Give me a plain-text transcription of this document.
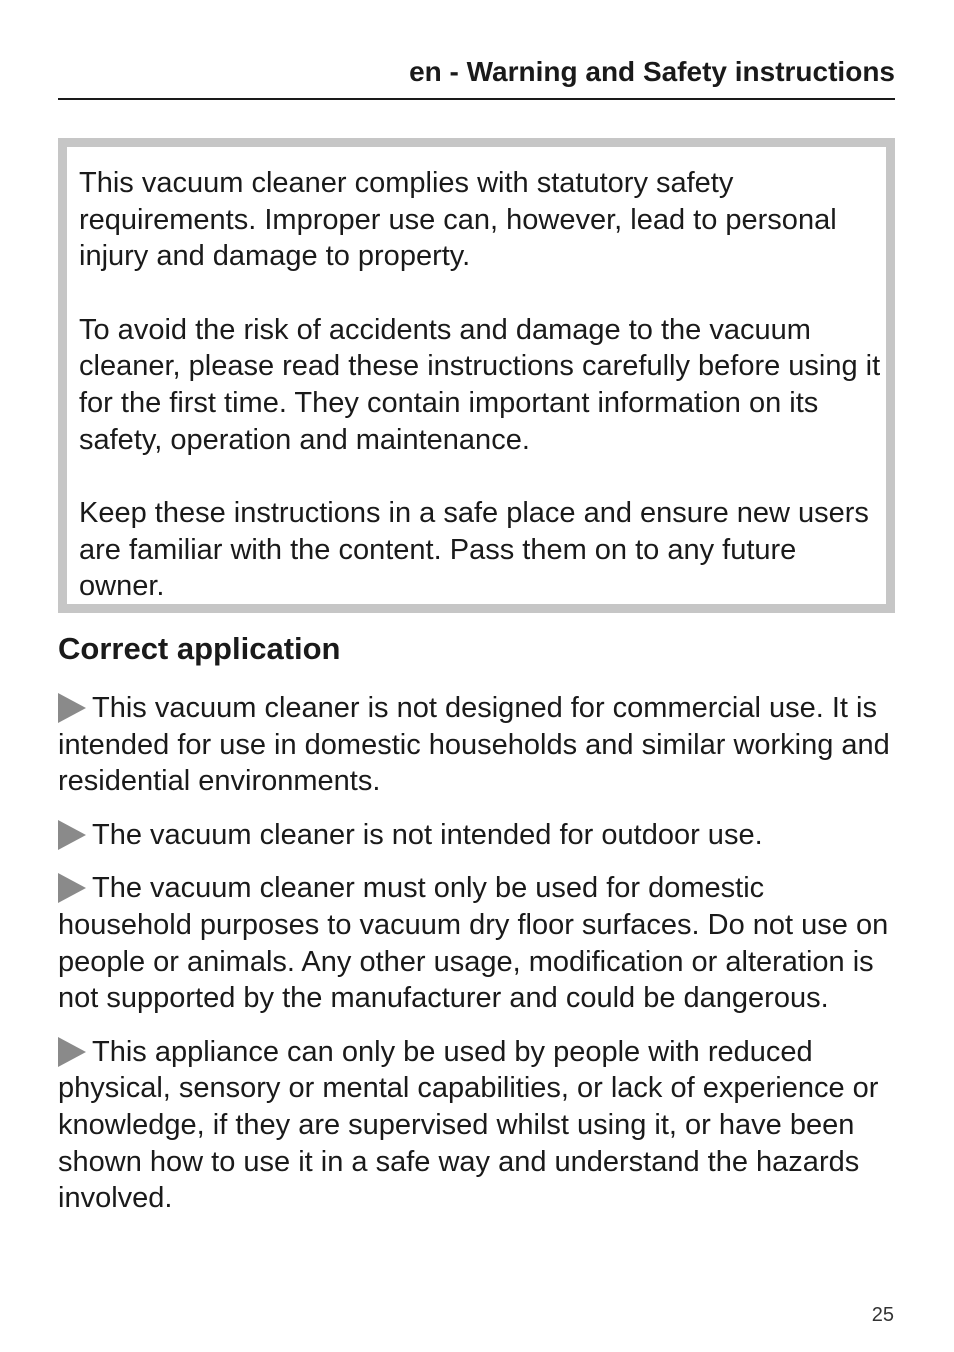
en - Warning and Safety instructions

This vacuum cleaner complies with statutory safety requirements. Improper use can, however, lead to personal injury and damage to property.

To avoid the risk of accidents and damage to the vacuum cleaner, please read these instructions carefully before using it for the first time. They contain important information on its safety, operation and maintenance.

Keep these instructions in a safe place and ensure new users are familiar with the content. Pass them on to any future owner.

Correct application

This vacuum cleaner is not designed for commercial use. It is intended for use in domestic households and similar working and residential environments.

The vacuum cleaner is not intended for outdoor use.

The vacuum cleaner must only be used for domestic household purposes to vacuum dry floor surfaces. Do not use on people or animals. Any other usage, modification or alteration is not supported by the manufacturer and could be dangerous.

This appliance can only be used by people with reduced physical, sensory or mental capabilities, or lack of experience or knowledge, if they are supervised whilst using it, or have been shown how to use it in a safe way and understand the hazards involved.

25
